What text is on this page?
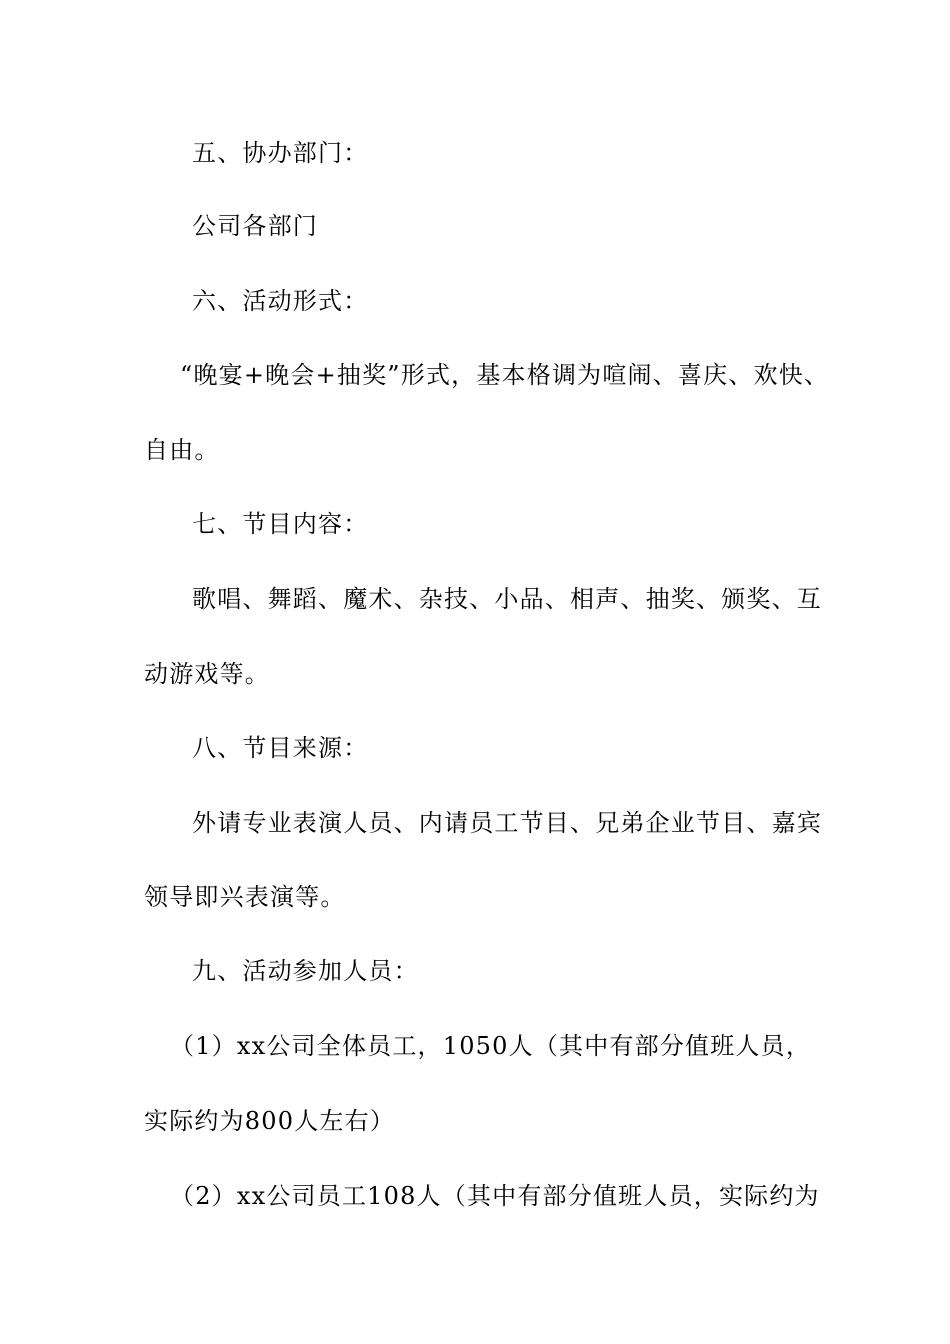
五、协办部门：
公司各部门
六、活动形式：
“晚宴+晚会+抽奖”形式，基本格调为喧闹、喜庆、欢快、
自由。
七、节目内容：
歌唱、舞蹈、魔术、杂技、小品、相声、抽奖、颁奖、互
动游戏等。
八、节目来源：
外请专业表演人员、内请员工节目、兄弟企业节目、嘉宾
领导即兴表演等。
九、活动参加人员：
（1）xx公司全体员工，1050人（其中有部分值班人员，
实际约为800人左右）
（2）xx公司员工108人（其中有部分值班人员，实际约为
